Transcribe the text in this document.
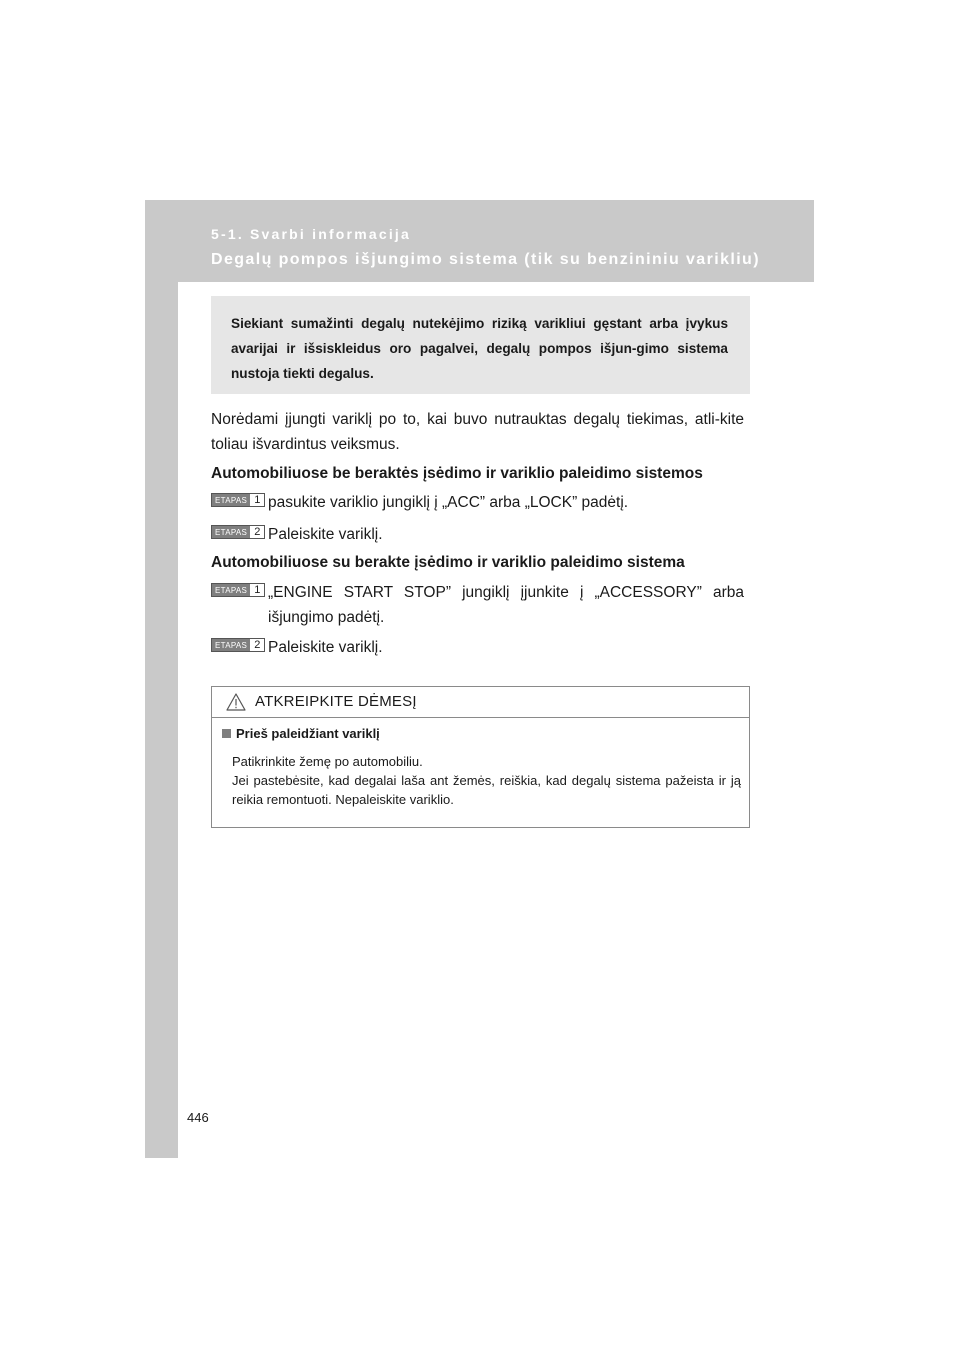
5-1. Svarbi informacija
Degalų pompos išjungimo sistema (tik su benzininiu varikliu)
Siekiant sumažinti degalų nutekėjimo riziką varikliui gęstant arba įvykus avarijai ir išsiskleidus oro pagalvei, degalų pompos išjun-gimo sistema nustoja tiekti degalus.
Norėdami įjungti variklį po to, kai buvo nutrauktas degalų tiekimas, atli-kite toliau išvardintus veiksmus.
Automobiliuose be beraktės įsėdimo ir variklio paleidimo sistemos
ETAPAS 1 pasukite variklio jungiklį į „ACC” arba „LOCK” padėtį.
ETAPAS 2 Paleiskite variklį.
Automobiliuose su berakte įsėdimo ir variklio paleidimo sistema
ETAPAS 1 „ENGINE START STOP” jungiklį įjunkite į „ACCESSORY” arba išjungimo padėtį.
ETAPAS 2 Paleiskite variklį.
ATKREIPKITE DĖMESĮ
Prieš paleidžiant variklį
Patikrinkite žemę po automobiliu.
Jei pastebėsite, kad degalai laša ant žemės, reiškia, kad degalų sistema pažeista ir ją reikia remontuoti. Nepaleiskite variklio.
446
